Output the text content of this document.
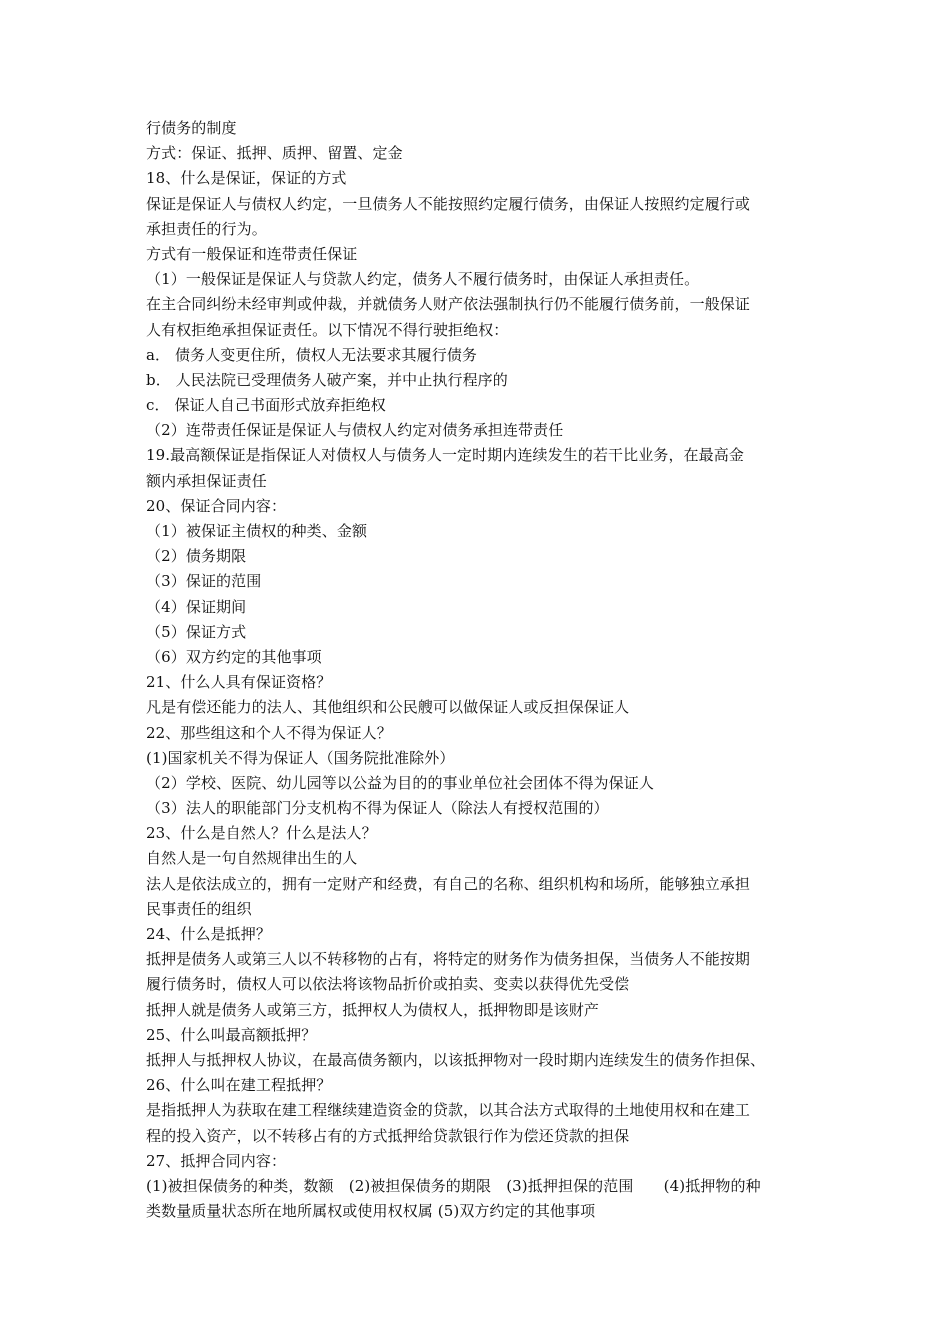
行债务的制度
方式：保证、抵押、质押、留置、定金
18、什么是保证，保证的方式
保证是保证人与债权人约定，一旦债务人不能按照约定履行债务，由保证人按照约定履行或
承担责任的行为。
方式有一般保证和连带责任保证
（1）一般保证是保证人与贷款人约定，债务人不履行债务时，由保证人承担责任。
在主合同纠纷未经审判或仲裁，并就债务人财产依法强制执行仍不能履行债务前，一般保证
人有权拒绝承担保证责任。以下情况不得行驶拒绝权：
a． 债务人变更住所，债权人无法要求其履行债务
b． 人民法院已受理债务人破产案，并中止执行程序的
c． 保证人自己书面形式放弃拒绝权
（2）连带责任保证是保证人与债权人约定对债务承担连带责任
19.最高额保证是指保证人对债权人与债务人一定时期内连续发生的若干比业务，在最高金
额内承担保证责任
20、保证合同内容：
（1）被保证主债权的种类、金额
（2）债务期限
（3）保证的范围
（4）保证期间
（5）保证方式
（6）双方约定的其他事项
21、什么人具有保证资格？
凡是有偿还能力的法人、其他组织和公民艘可以做保证人或反担保保证人
22、那些组这和个人不得为保证人？
(1)国家机关不得为保证人（国务院批准除外）
（2）学校、医院、幼儿园等以公益为目的的事业单位社会团体不得为保证人
（3）法人的职能部门分支机构不得为保证人（除法人有授权范围的）
23、什么是自然人？什么是法人？
自然人是一句自然规律出生的人
法人是依法成立的，拥有一定财产和经费，有自己的名称、组织机构和场所，能够独立承担
民事责任的组织
24、什么是抵押？
抵押是债务人或第三人以不转移物的占有，将特定的财务作为债务担保，当债务人不能按期
履行债务时，债权人可以依法将该物品折价或拍卖、变卖以获得优先受偿
抵押人就是债务人或第三方，抵押权人为债权人，抵押物即是该财产
25、什么叫最高额抵押？
抵押人与抵押权人协议，在最高债务额内，以该抵押物对一段时期内连续发生的债务作担保、
26、什么叫在建工程抵押？
是指抵押人为获取在建工程继续建造资金的贷款，以其合法方式取得的土地使用权和在建工
程的投入资产，以不转移占有的方式抵押给贷款银行作为偿还贷款的担保
27、抵押合同内容：
(1)被担保债务的种类，数额　(2)被担保债务的期限　(3)抵押担保的范围　　(4)抵押物的种
类数量质量状态所在地所属权或使用权权属 (5)双方约定的其他事项
